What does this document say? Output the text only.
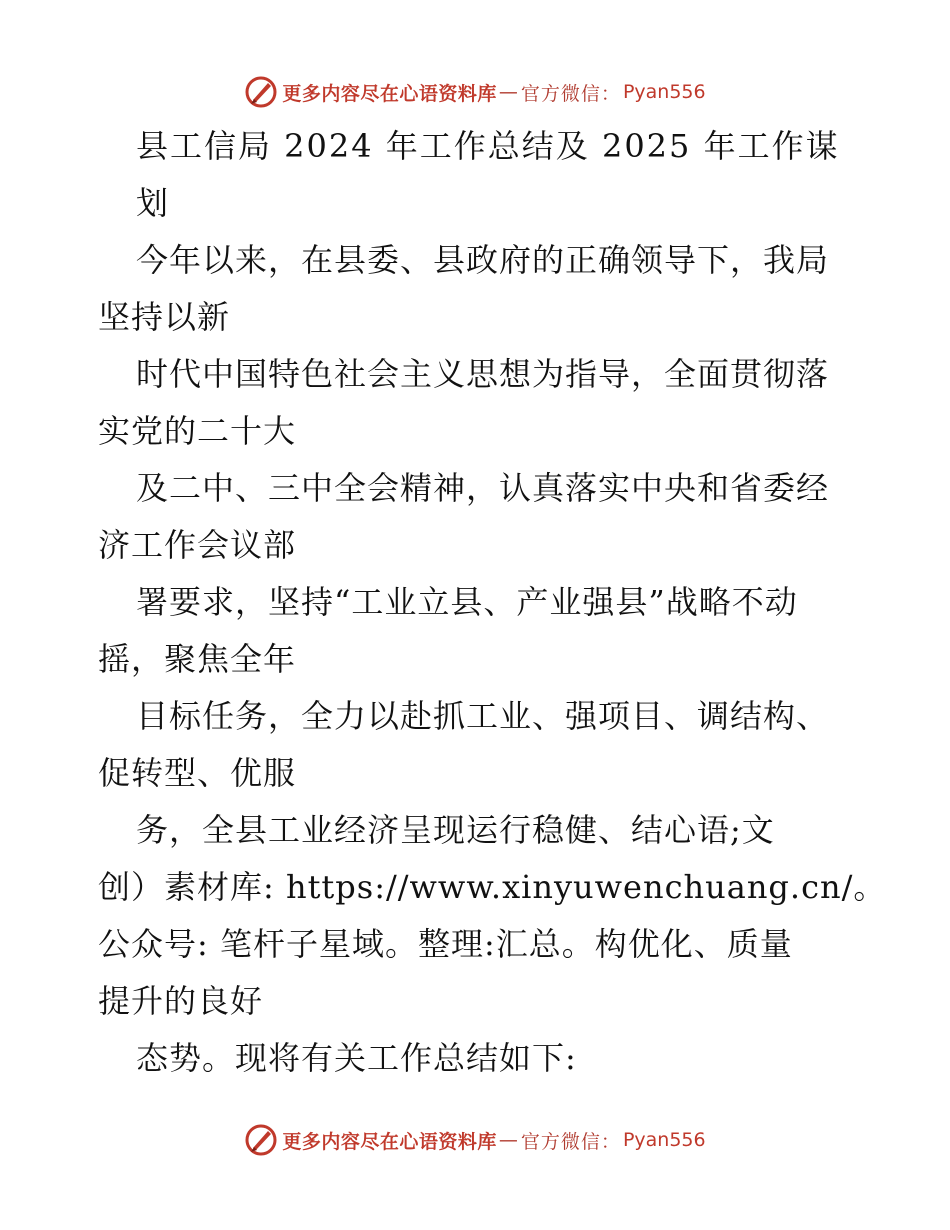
更多内容尽在心语资料库 — 官方微信： Pyan556
县工信局 2024 年工作总结及 2025 年工作谋
划
今年以来，在县委、县政府的正确领导下，我局
坚持以新
时代中国特色社会主义思想为指导，全面贯彻落
实党的二十大
及二中、三中全会精神，认真落实中央和省委经
济工作会议部
署要求，坚持“工业立县、产业强县”战略不动
摇，聚焦全年
目标任务，全力以赴抓工业、强项目、调结构、
促转型、优服
务，全县工业经济呈现运行稳健、结心语;文
创）素材库: https://www.xinyuwenchuang.cn/。
公众号: 笔杆子星域。整理:汇总。构优化、质量
提升的良好
态势。现将有关工作总结如下:
更多内容尽在心语资料库 — 官方微信： Pyan556
